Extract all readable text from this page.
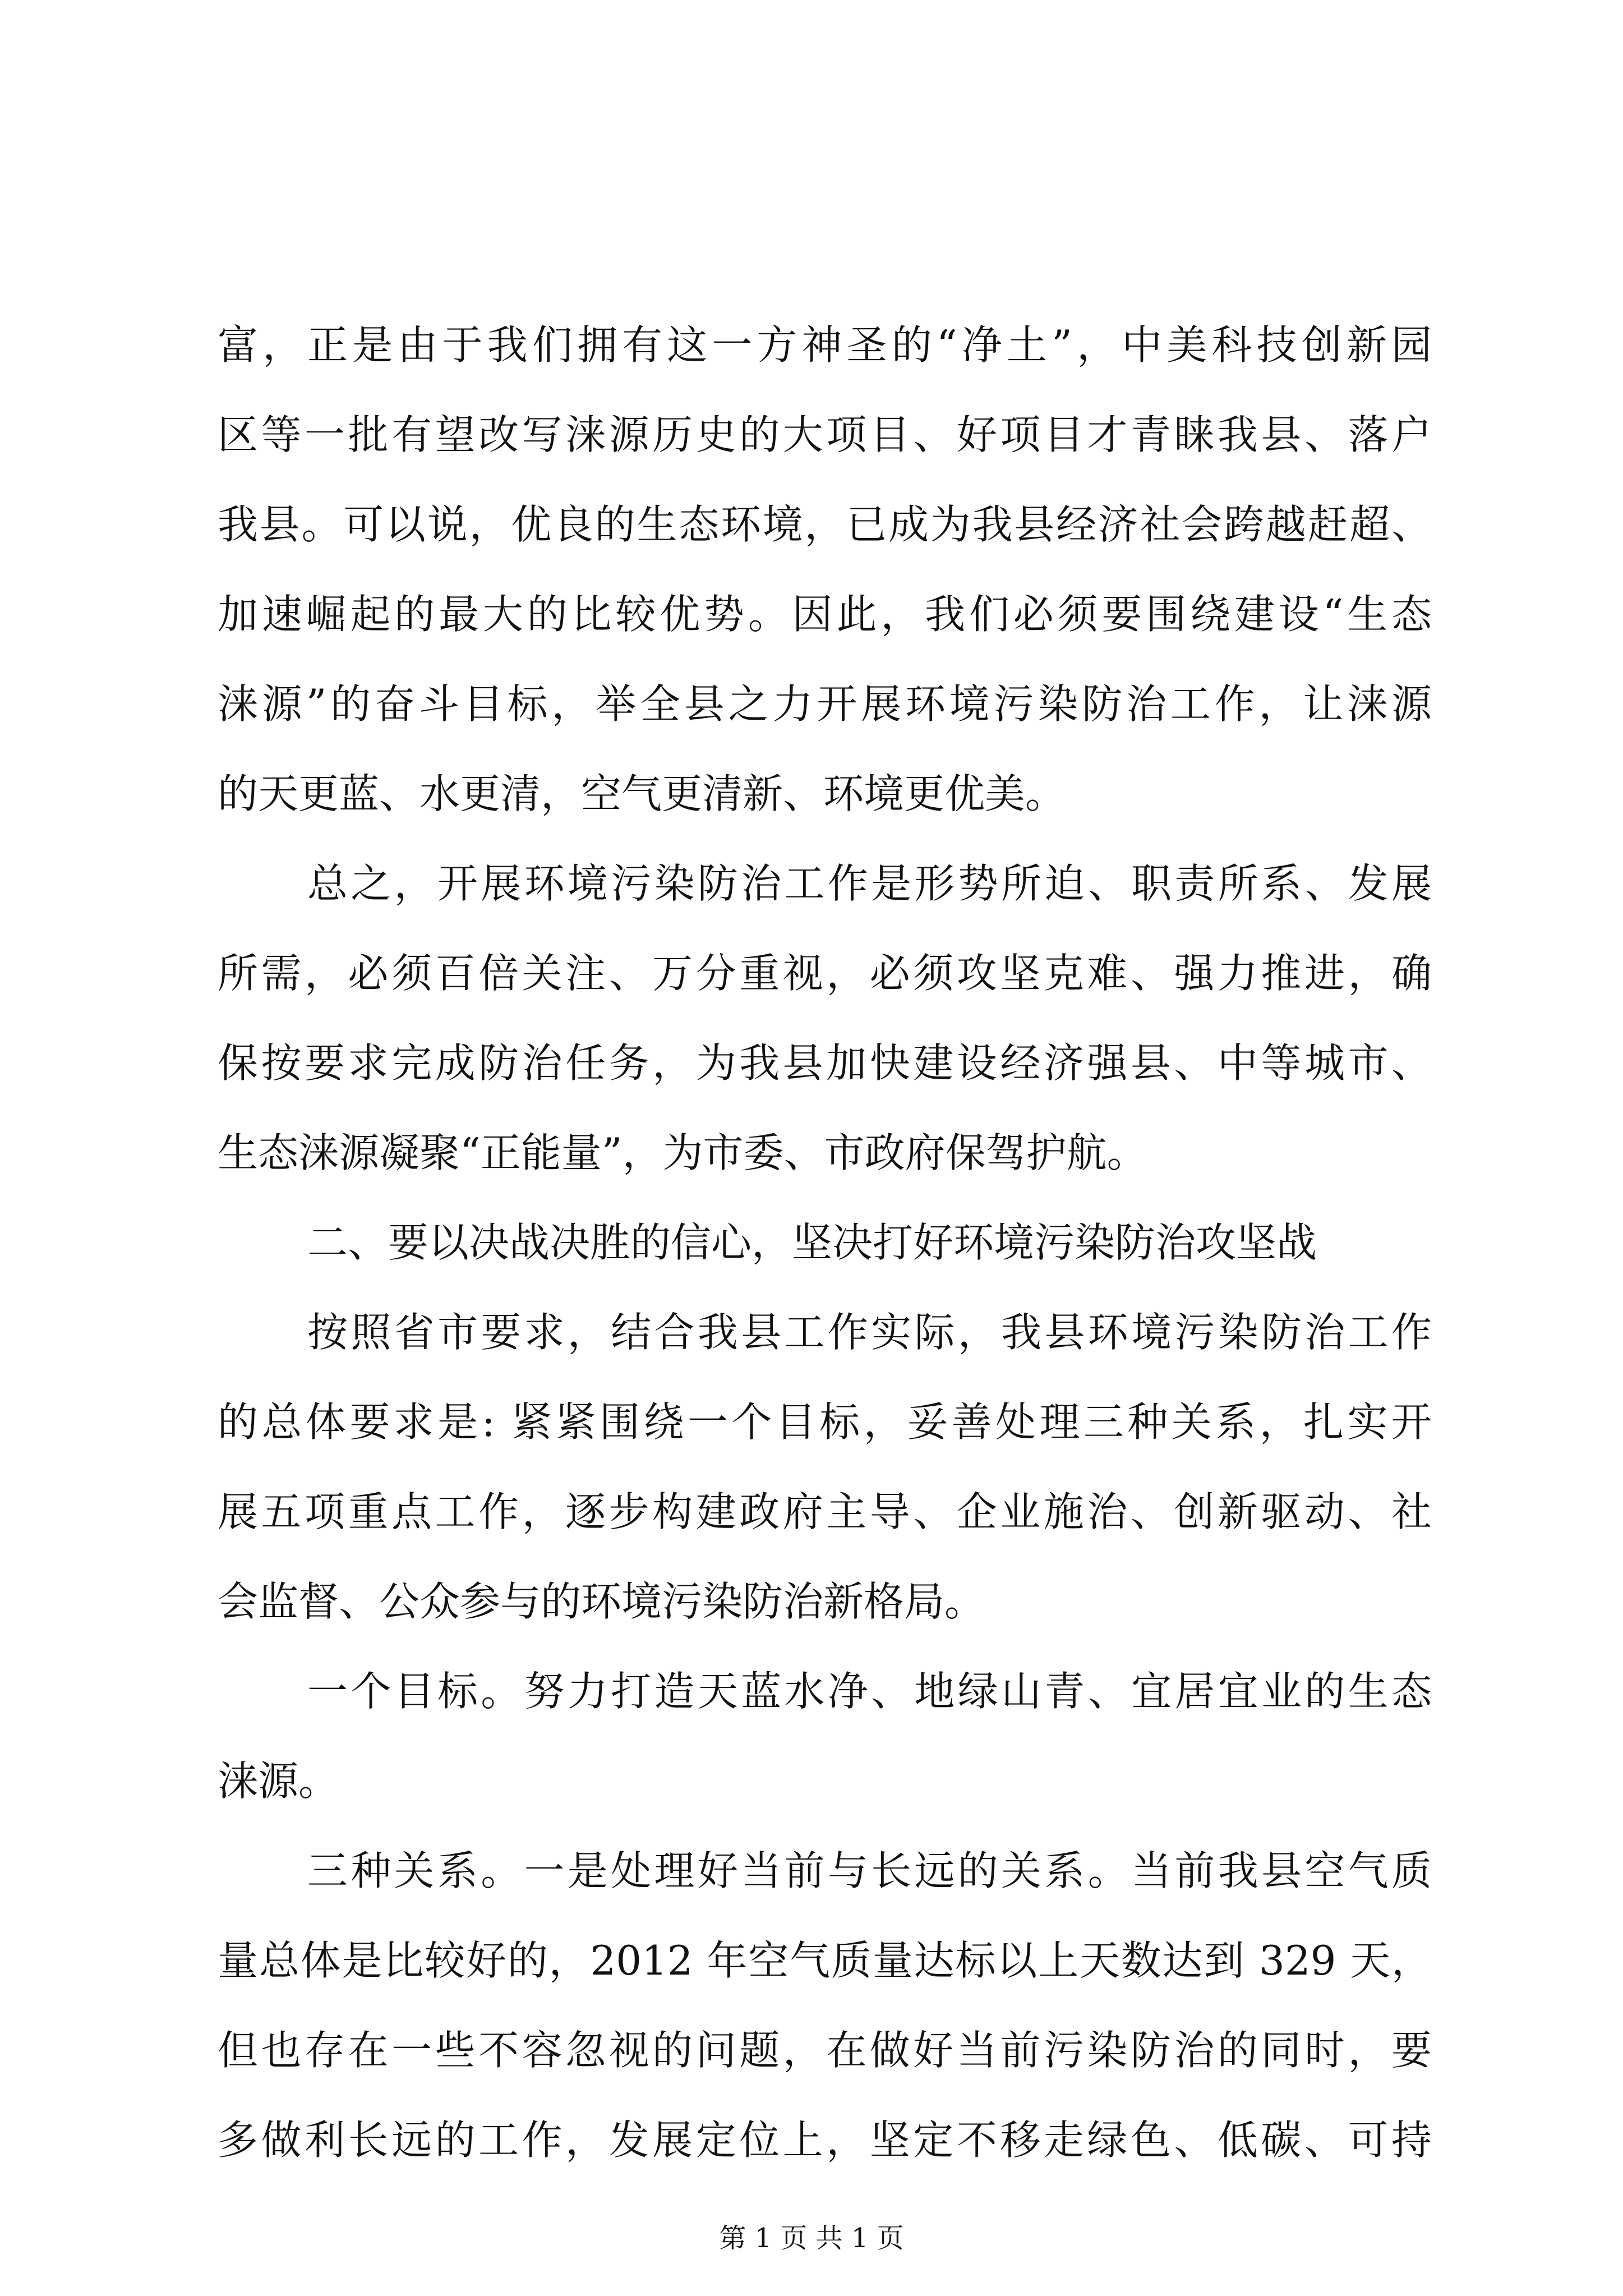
富，正是由于我们拥有这一方神圣的“净土”，中美科技创新园
区等一批有望改写涞源历史的大项目、好项目才青睐我县、落户
我县。可以说，优良的生态环境，已成为我县经济社会跨越赶超、
加速崛起的最大的比较优势。因此，我们必须要围绕建设“生态
涞源”的奋斗目标，举全县之力开展环境污染防治工作，让涞源
的天更蓝、水更清，空气更清新、环境更优美。
总之，开展环境污染防治工作是形势所迫、职责所系、发展
所需，必须百倍关注、万分重视，必须攻坚克难、强力推进，确
保按要求完成防治任务，为我县加快建设经济强县、中等城市、
生态涞源凝聚“正能量”，为市委、市政府保驾护航。
二、要以决战决胜的信心，坚决打好环境污染防治攻坚战
按照省市要求，结合我县工作实际，我县环境污染防治工作
的总体要求是: 紧紧围绕一个目标，妥善处理三种关系，扎实开
展五项重点工作，逐步构建政府主导、企业施治、创新驱动、社
会监督、公众参与的环境污染防治新格局。
一个目标。努力打造天蓝水净、地绿山青、宜居宜业的生态
涞源。
三种关系。一是处理好当前与长远的关系。当前我县空气质
量总体是比较好的，2012 年空气质量达标以上天数达到 329 天，
但也存在一些不容忽视的问题，在做好当前污染防治的同时，要
多做利长远的工作，发展定位上，坚定不移走绿色、低碳、可持
第 1 页 共 1 页
